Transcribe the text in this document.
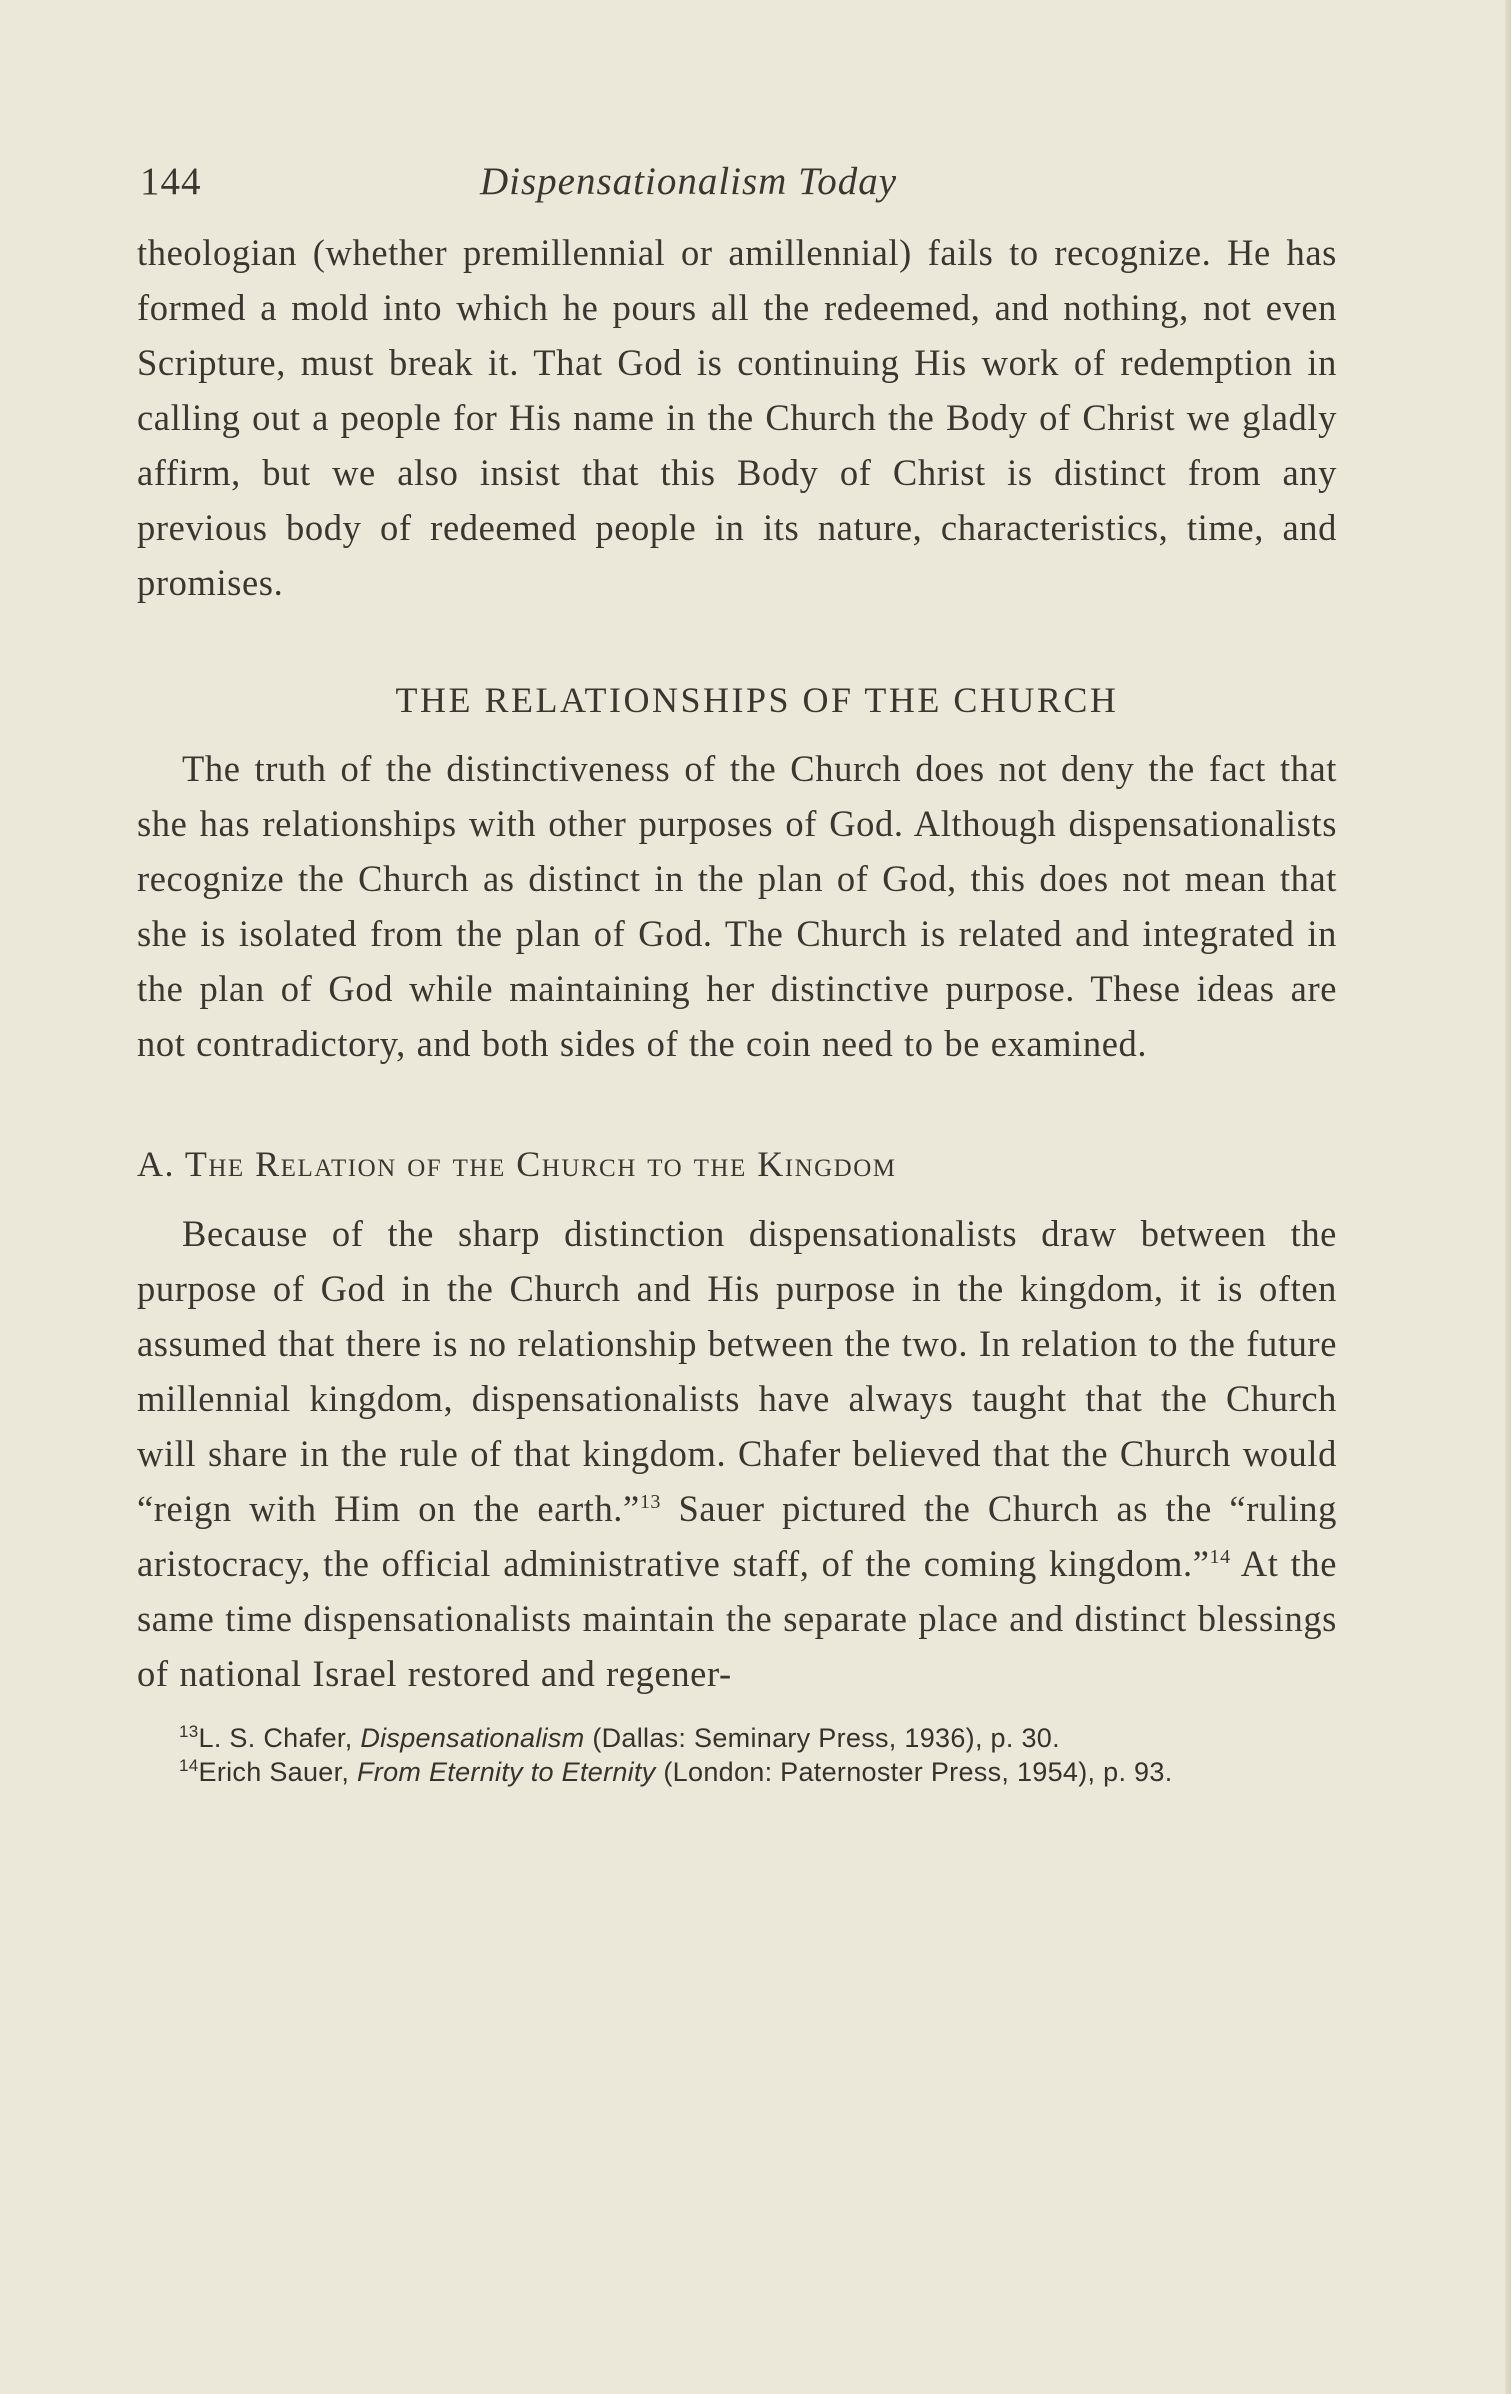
144	Dispensationalism Today

theologian (whether premillennial or amillennial) fails to recognize. He has formed a mold into which he pours all the redeemed, and nothing, not even Scripture, must break it. That God is continuing His work of redemption in calling out a people for His name in the Church the Body of Christ we gladly affirm, but we also insist that this Body of Christ is distinct from any previous body of redeemed people in its nature, characteristics, time, and promises.

THE RELATIONSHIPS OF THE CHURCH

The truth of the distinctiveness of the Church does not deny the fact that she has relationships with other purposes of God. Although dispensationalists recognize the Church as distinct in the plan of God, this does not mean that she is isolated from the plan of God. The Church is related and integrated in the plan of God while maintaining her distinctive purpose. These ideas are not contradictory, and both sides of the coin need to be examined.

A. The Relation of the Church to the Kingdom

Because of the sharp distinction dispensationalists draw between the purpose of God in the Church and His purpose in the kingdom, it is often assumed that there is no relationship between the two. In relation to the future millennial kingdom, dispensationalists have always taught that the Church will share in the rule of that kingdom. Chafer believed that the Church would “reign with Him on the earth.”$^{13}$ Sauer pictured the Church as the “ruling aristocracy, the official administrative staff, of the coming kingdom.”$^{14}$ At the same time dispensationalists maintain the separate place and distinct blessings of national Israel restored and regener-

$^{13}$L. S. Chafer, Dispensationalism (Dallas: Seminary Press, 1936), p. 30.
$^{14}$Erich Sauer, From Eternity to Eternity (London: Paternoster Press, 1954), p. 93.
